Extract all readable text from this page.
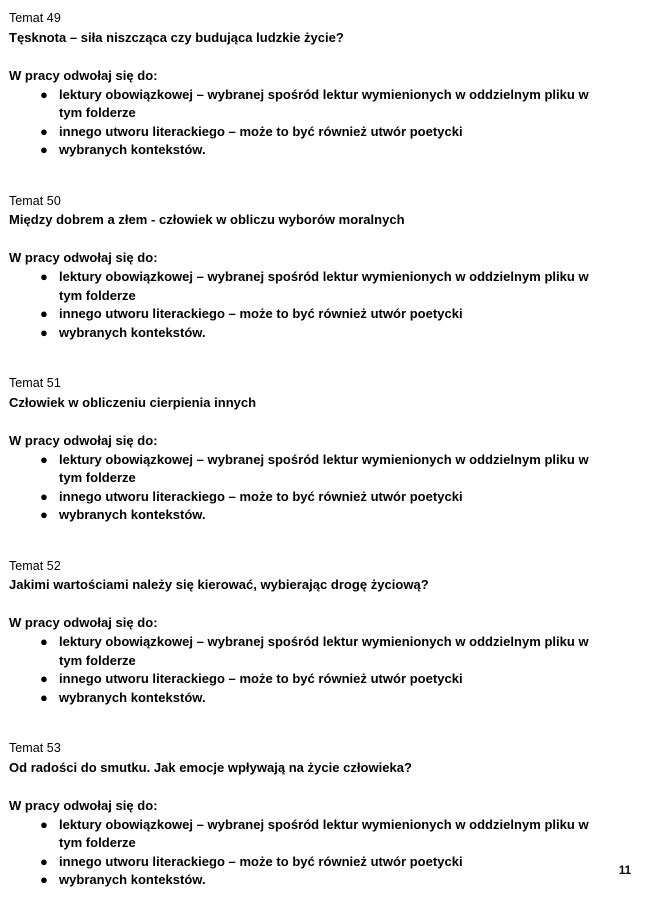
Temat 49

Tęsknota – siła niszcząca czy budująca ludzkie życie?

W pracy odwołaj się do:

● lektury obowiązkowej – wybranej spośród lektur wymienionych w oddzielnym pliku w tym folderze
● innego utworu literackiego – może to być również utwór poetycki
● wybranych kontekstów.

Temat 50

Między dobrem a złem - człowiek w obliczu wyborów moralnych

W pracy odwołaj się do:

● lektury obowiązkowej – wybranej spośród lektur wymienionych w oddzielnym pliku w tym folderze
● innego utworu literackiego – może to być również utwór poetycki
● wybranych kontekstów.

Temat 51

Człowiek w obliczeniu cierpienia innych

W pracy odwołaj się do:

● lektury obowiązkowej – wybranej spośród lektur wymienionych w oddzielnym pliku w tym folderze
● innego utworu literackiego – może to być również utwór poetycki
● wybranych kontekstów.

Temat 52

Jakimi wartościami należy się kierować, wybierając drogę życiową?

W pracy odwołaj się do:

● lektury obowiązkowej – wybranej spośród lektur wymienionych w oddzielnym pliku w tym folderze
● innego utworu literackiego – może to być również utwór poetycki
● wybranych kontekstów.

Temat 53

Od radości do smutku. Jak emocje wpływają na życie człowieka?

W pracy odwołaj się do:

● lektury obowiązkowej – wybranej spośród lektur wymienionych w oddzielnym pliku w tym folderze
● innego utworu literackiego – może to być również utwór poetycki
● wybranych kontekstów.
11
